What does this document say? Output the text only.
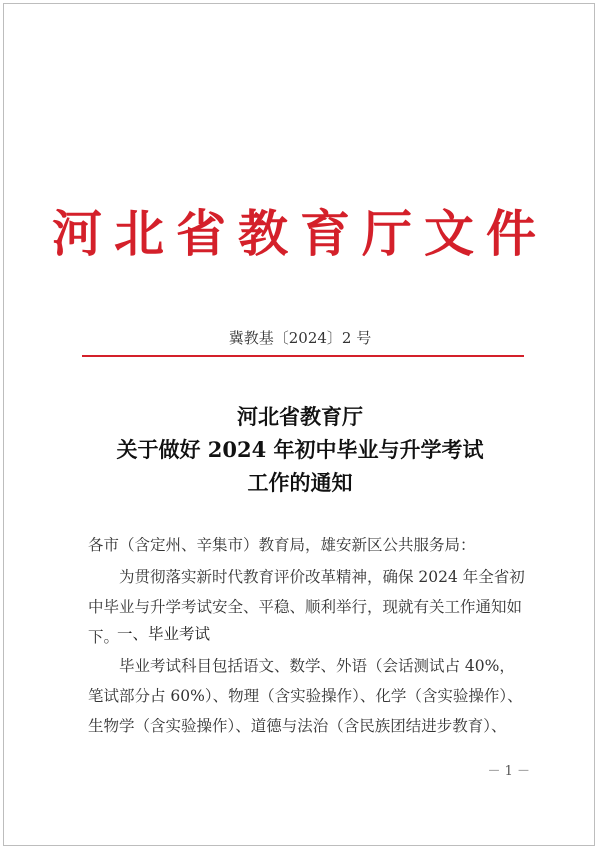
河北省教育厅文件
冀教基〔2024〕2 号
河北省教育厅
关于做好 2024 年初中毕业与升学考试
工作的通知
各市（含定州、辛集市）教育局，雄安新区公共服务局：
为贯彻落实新时代教育评价改革精神，确保 2024 年全省初中毕业与升学考试安全、平稳、顺利举行，现就有关工作通知如下。
一、毕业考试
毕业考试科目包括语文、数学、外语（会话测试占 40%，笔试部分占 60%）、物理（含实验操作）、化学（含实验操作）、生物学（含实验操作）、道德与法治（含民族团结进步教育）、
－ 1 －
